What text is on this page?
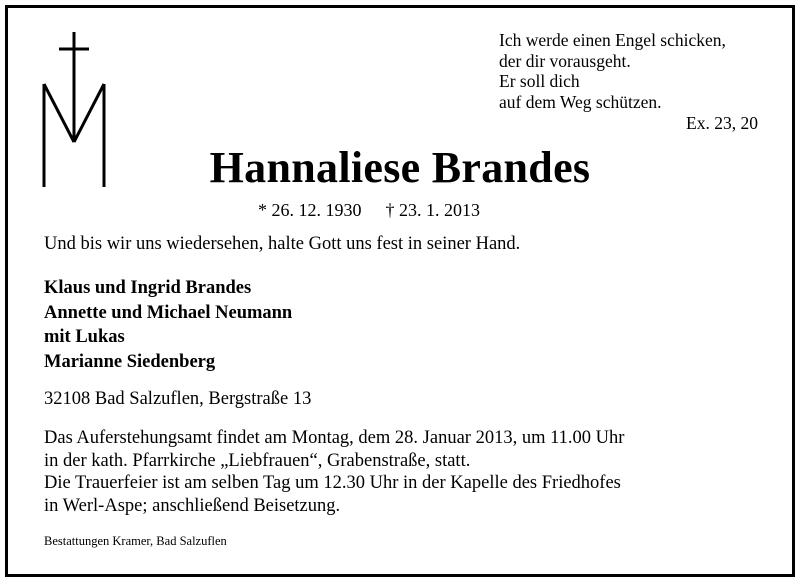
Ich werde einen Engel schicken,
der dir vorausgeht.
Er soll dich
auf dem Weg schützen.
Ex. 23, 20
Hannaliese Brandes
* 26. 12. 1930 † 23. 1. 2013
Und bis wir uns wiedersehen, halte Gott uns fest in seiner Hand.
Klaus und Ingrid Brandes
Annette und Michael Neumann
mit Lukas
Marianne Siedenberg
32108 Bad Salzuflen, Bergstraße 13
Das Auferstehungsamt findet am Montag, dem 28. Januar 2013, um 11.00 Uhr
in der kath. Pfarrkirche „Liebfrauen“, Grabenstraße, statt.
Die Trauerfeier ist am selben Tag um 12.30 Uhr in der Kapelle des Friedhofes
in Werl-Aspe; anschließend Beisetzung.
Bestattungen Kramer, Bad Salzuflen
